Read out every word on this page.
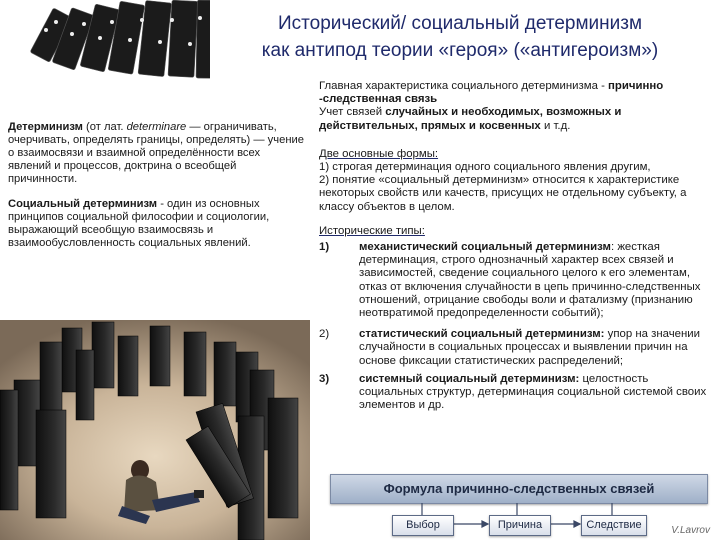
Исторический/ социальный детерминизм
как антипод теории «героя» («антигероизм»)

Детерминизм (от лат. determinare — ограничивать, очерчивать, определять границы, определять) — учение о взаимосвязи и взаимной определённости всех явлений и процессов, доктрина о всеобщей причинности.

Социальный детерминизм - один из основных принципов социальной философии и социологии, выражающий всеобщую взаимосвязь и взаимообусловленность социальных явлений.

Главная характеристика социального детерминизма - причинно -следственная связь

Учет связей случайных и необходимых, возможных и действительных, прямых и косвенных и т.д.

Две основные формы:

1) строгая детерминация одного социального явления другим,

2) понятие «социальный детерминизм» относится к характеристике некоторых свойств или качеств, присущих не отдельному субъекту, а классу объектов в целом.

Исторические типы:

1)	механистический социальный детерминизм: жесткая детерминация, строго однозначный характер всех связей и зависимостей, сведение социального целого к его элементам, отказ от включения случайности в цепь причинно-следственных отношений, отрицание свободы воли и фатализму (признанию неотвратимой предопределенности событий);
2)	статистический социальный детерминизм: упор на значении случайности в социальных процессах и выявлении причин на основе фиксации статистических распределений;
3)	системный социальный детерминизм: целостность социальных структур, детерминация социальной системой своих элементов и др.
Формула причинно-следственных связей
Выбор	Причина	Следствие	V.Lavrov
